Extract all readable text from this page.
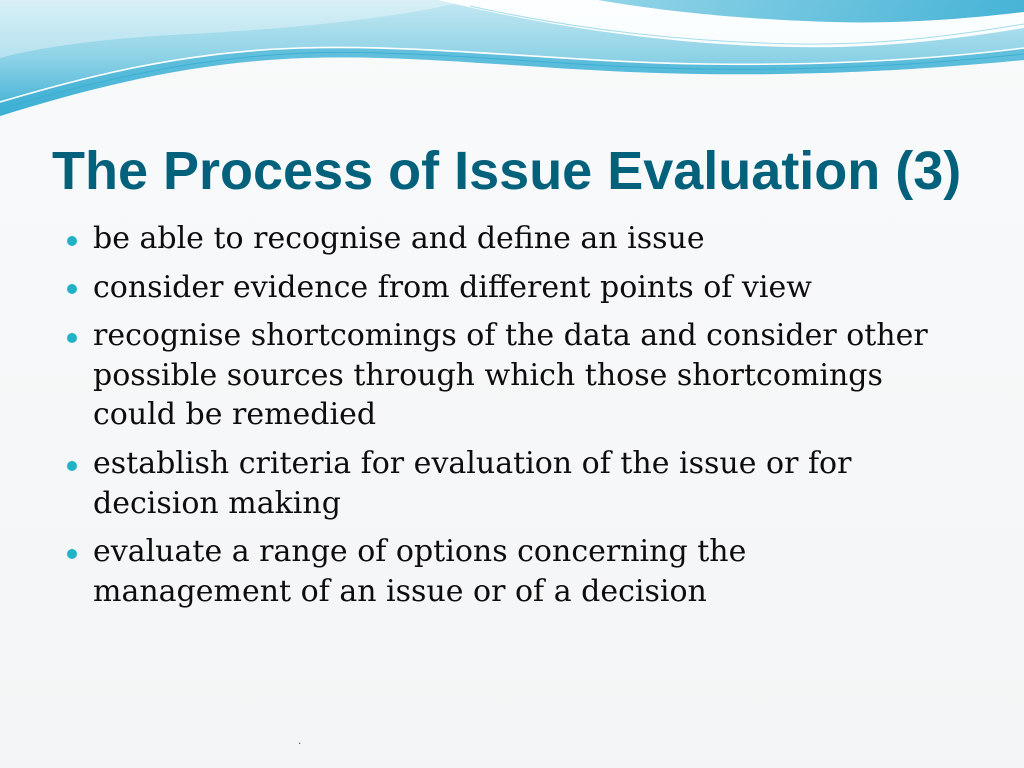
The Process of Issue Evaluation (3)
be able to recognise and define an issue
consider evidence from different points of view
recognise shortcomings of the data and consider other
possible sources through which those shortcomings
could be remedied
establish criteria for evaluation of the issue or for
decision making
evaluate a range of options concerning the
management of an issue or of a decision
.
